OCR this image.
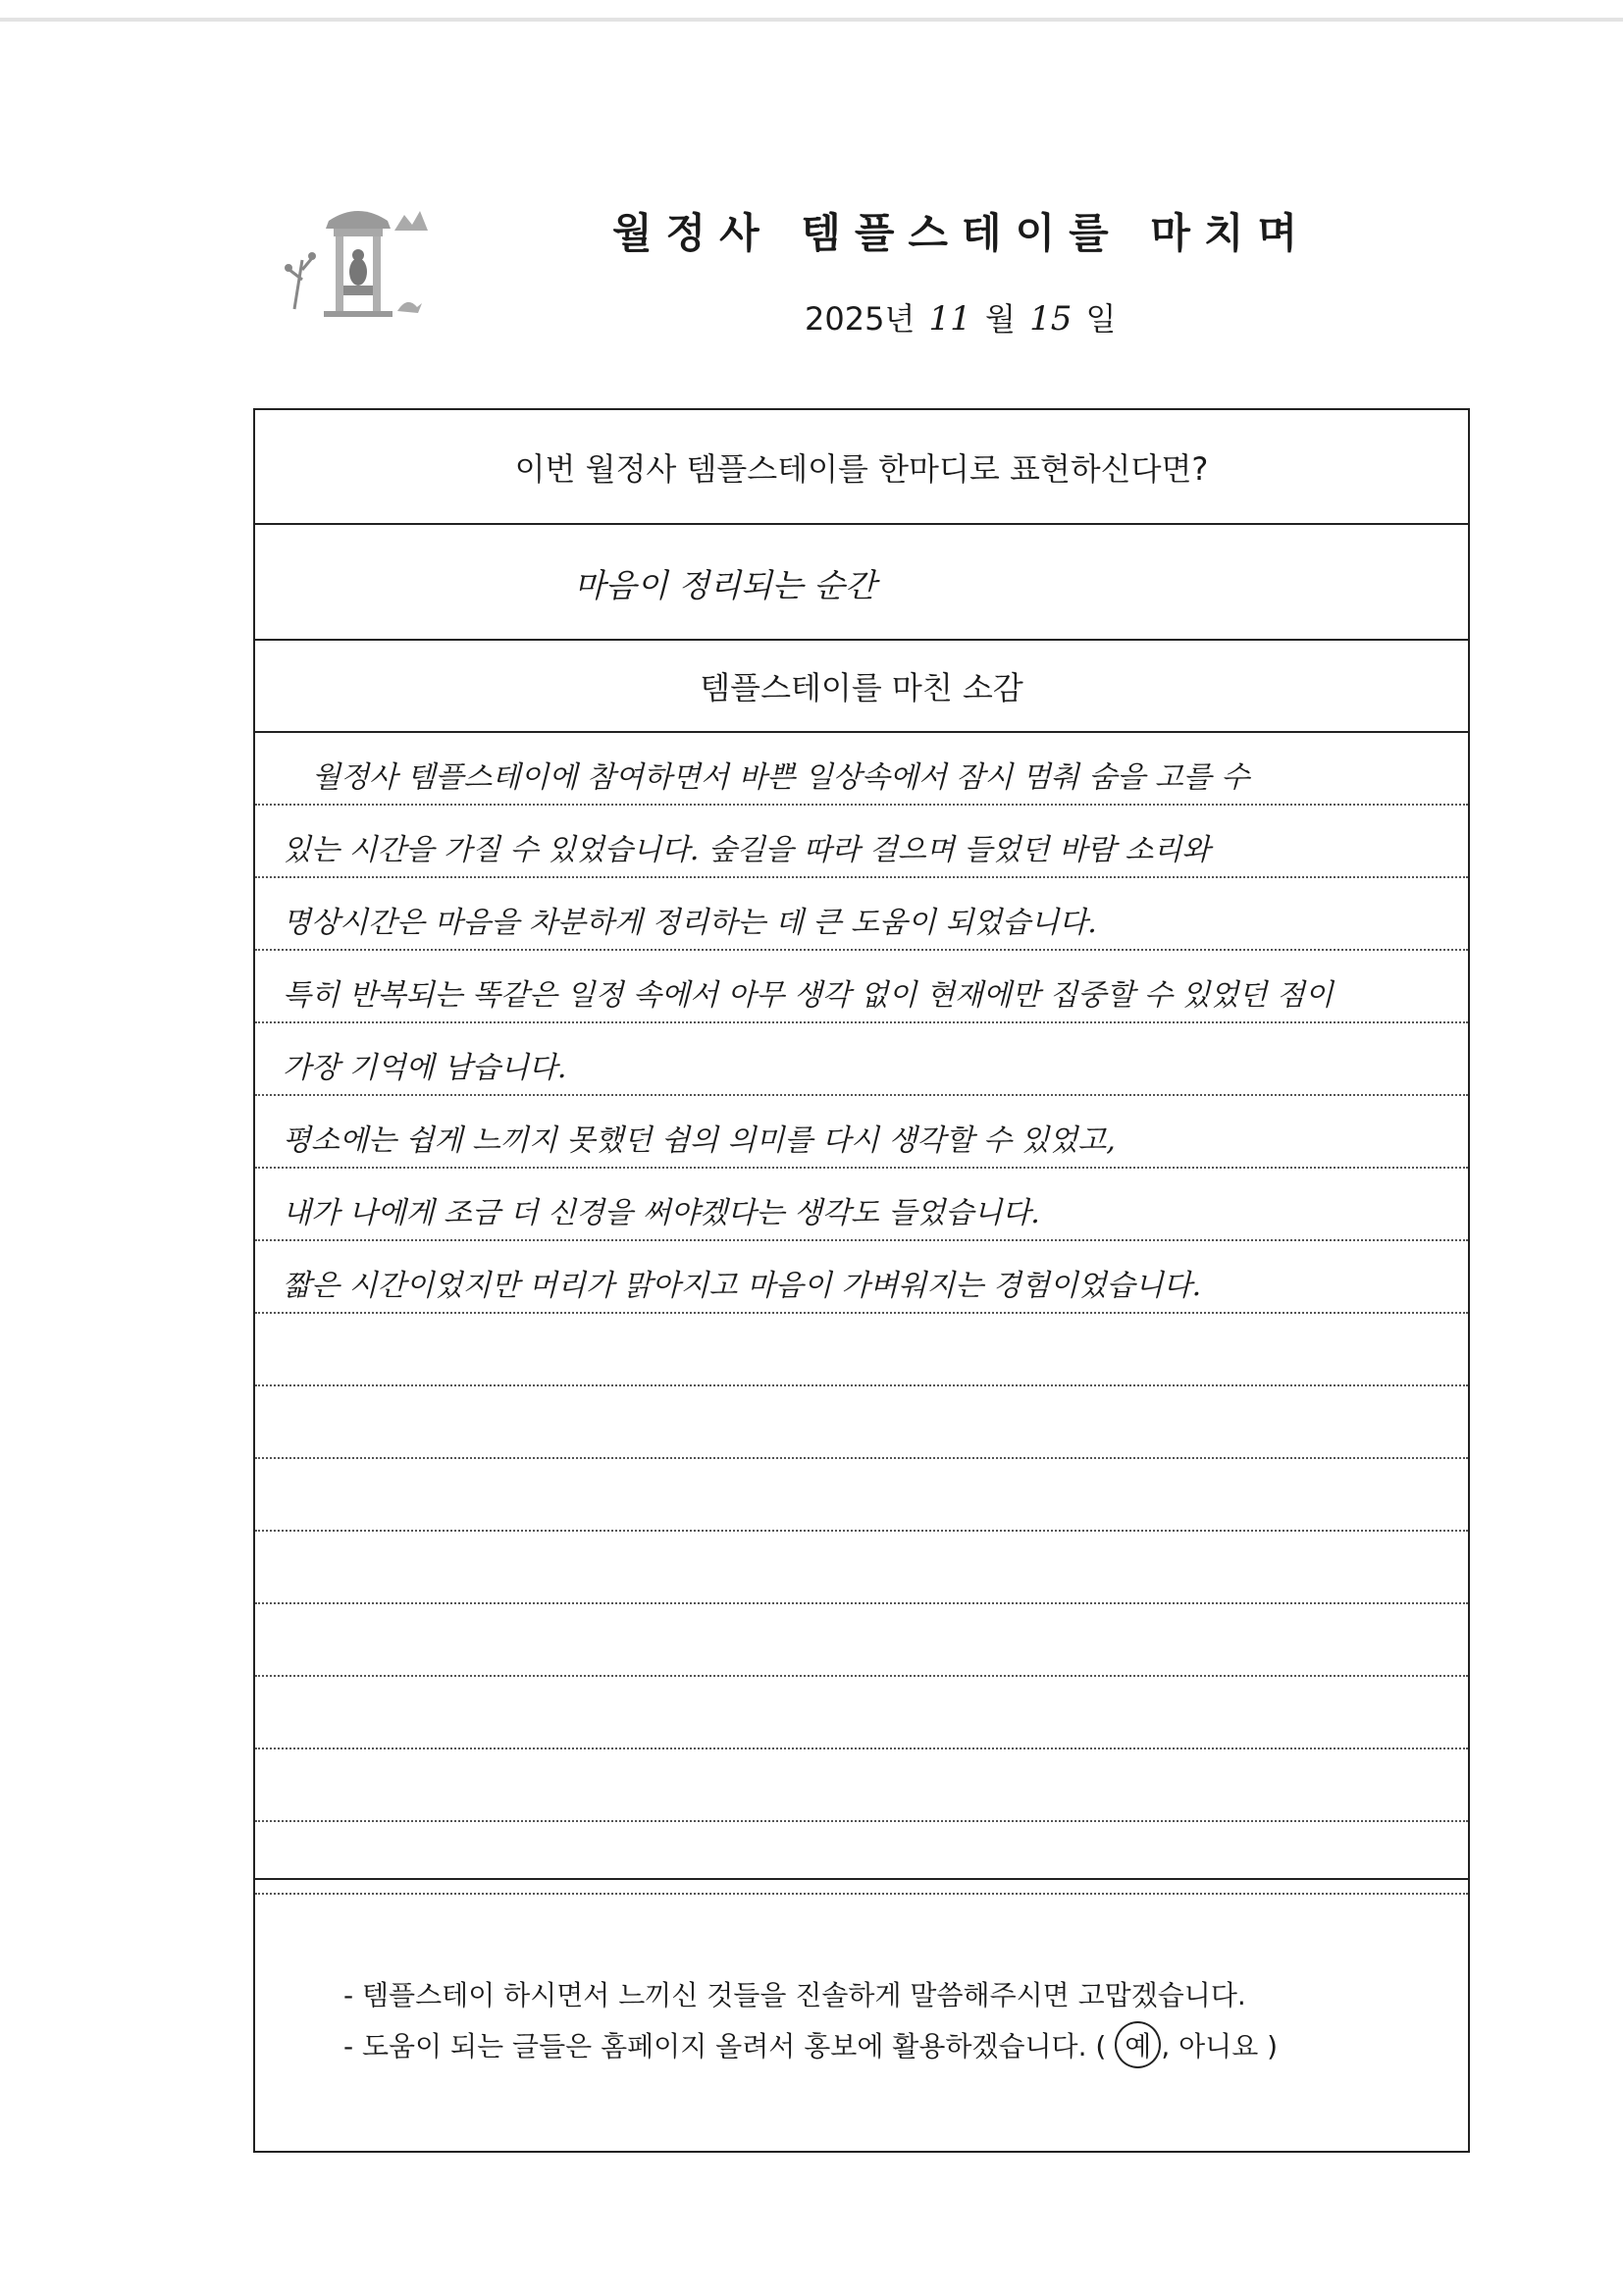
월정사 템플스테이를 마치며
2025년 11 월 15 일
이번 월정사 템플스테이를 한마디로 표현하신다면?
마음이 정리되는 순간
템플스테이를 마친 소감
월정사 템플스테이에 참여하면서 바쁜 일상속에서 잠시 멈춰 숨을 고를 수
있는 시간을 가질 수 있었습니다. 숲길을 따라 걸으며 들었던 바람 소리와
명상시간은 마음을 차분하게 정리하는 데 큰 도움이 되었습니다.
특히 반복되는 똑같은 일정 속에서 아무 생각 없이 현재에만 집중할 수 있었던 점이
가장 기억에 남습니다.
평소에는 쉽게 느끼지 못했던 쉼의 의미를 다시 생각할 수 있었고,
내가 나에게 조금 더 신경을 써야겠다는 생각도 들었습니다.
짧은 시간이었지만 머리가 맑아지고 마음이 가벼워지는 경험이었습니다.
- 템플스테이 하시면서 느끼신 것들을 진솔하게 말씀해주시면 고맙겠습니다.
- 도움이 되는 글들은 홈페이지 올려서 홍보에 활용하겠습니다. ( 예 , 아니요 )
